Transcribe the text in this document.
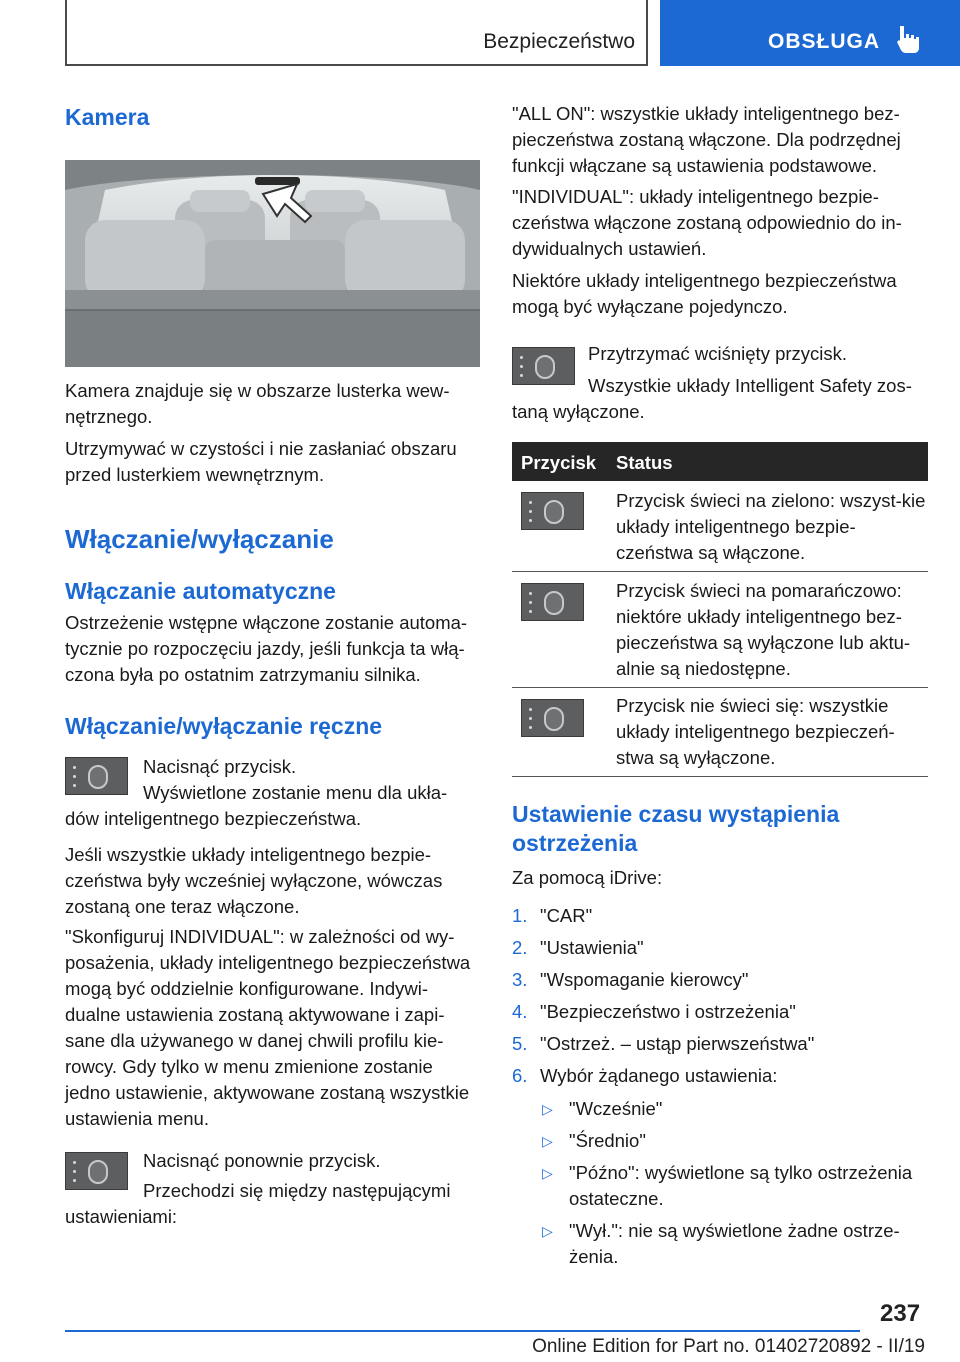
Bezpieczeństwo	OBSŁUGA
Kamera
Kamera znajduje się w obszarze lusterka wew‐nętrznego.
Utrzymywać w czystości i nie zasłaniać obszaru przed lusterkiem wewnętrznym.
Włączanie/wyłączanie
Włączanie automatyczne
Ostrzeżenie wstępne włączone zostanie automa‐tycznie po rozpoczęciu jazdy, jeśli funkcja ta włą‐czona była po ostatnim zatrzymaniu silnika.
Włączanie/wyłączanie ręczne
Nacisnąć przycisk.
Wyświetlone zostanie menu dla ukła‐dów inteligentnego bezpieczeństwa.
Jeśli wszystkie układy inteligentnego bezpie‐czeństwa były wcześniej wyłączone, wówczas zostaną one teraz włączone.
"Skonfiguruj INDIVIDUAL": w zależności od wy‐posażenia, układy inteligentnego bezpieczeństwa mogą być oddzielnie konfigurowane. Indywi‐dualne ustawienia zostaną aktywowane i zapi‐sane dla używanego w danej chwili profilu kie‐rowcy. Gdy tylko w menu zmienione zostanie jedno ustawienie, aktywowane zostaną wszystkie ustawienia menu.
Nacisnąć ponownie przycisk.
Przechodzi się między następującymi ustawieniami:
"ALL ON": wszystkie układy inteligentnego bez‐pieczeństwa zostaną włączone. Dla podrzędnej funkcji włączane są ustawienia podstawowe.
"INDIVIDUAL": układy inteligentnego bezpie‐czeństwa włączone zostaną odpowiednio do in‐dywidualnych ustawień.
Niektóre układy inteligentnego bezpieczeństwa mogą być wyłączane pojedynczo.
Przytrzymać wciśnięty przycisk.
Wszystkie układy Intelligent Safety zos‐taną wyłączone.
Przycisk Status
Przycisk świeci na zielono: wszyst‐kie układy inteligentnego bezpie‐czeństwa są włączone.
Przycisk świeci na pomarańczowo: niektóre układy inteligentnego bez‐pieczeństwa są wyłączone lub aktu‐alnie są niedostępne.
Przycisk nie świeci się: wszystkie układy inteligentnego bezpieczeń‐stwa są wyłączone.
Ustawienie czasu wystąpienia ostrzeżenia
Za pomocą iDrive:
1. "CAR"
2. "Ustawienia"
3. "Wspomaganie kierowcy"
4. "Bezpieczeństwo i ostrzeżenia"
5. "Ostrzeż. – ustąp pierwszeństwa"
6. Wybór żądanego ustawienia:
▷ "Wcześnie"
▷ "Średnio"
▷ "Późno": wyświetlone są tylko ostrzeżenia ostateczne.
▷ "Wył.": nie są wyświetlone żadne ostrze‐żenia.
237
Online Edition for Part no. 01402720892 - II/19
